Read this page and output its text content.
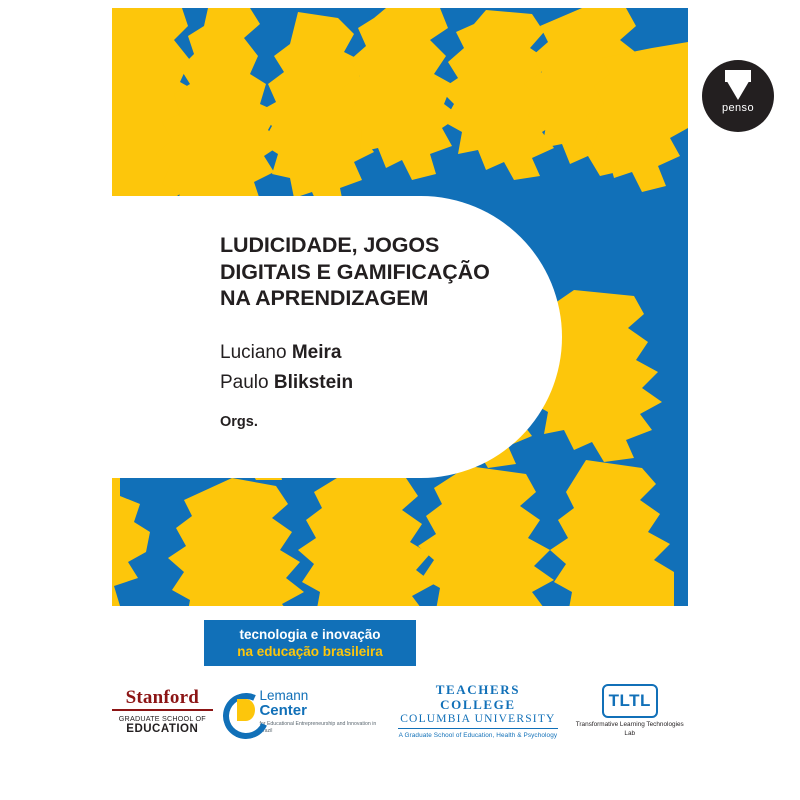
penso
LUDICIDADE, JOGOS
DIGITAIS E GAMIFICAÇÃO
NA APRENDIZAGEM
Luciano Meira
Paulo Blikstein
Orgs.
tecnologia e inovação
na educação brasileira
Stanford
GRADUATE SCHOOL OF
EDUCATION
Lemann
Center
for Educational Entrepreneurship and Innovation in Brazil
TEACHERS COLLEGE
COLUMBIA UNIVERSITY
A Graduate School of Education, Health & Psychology
TLTL
Transformative Learning Technologies Lab
